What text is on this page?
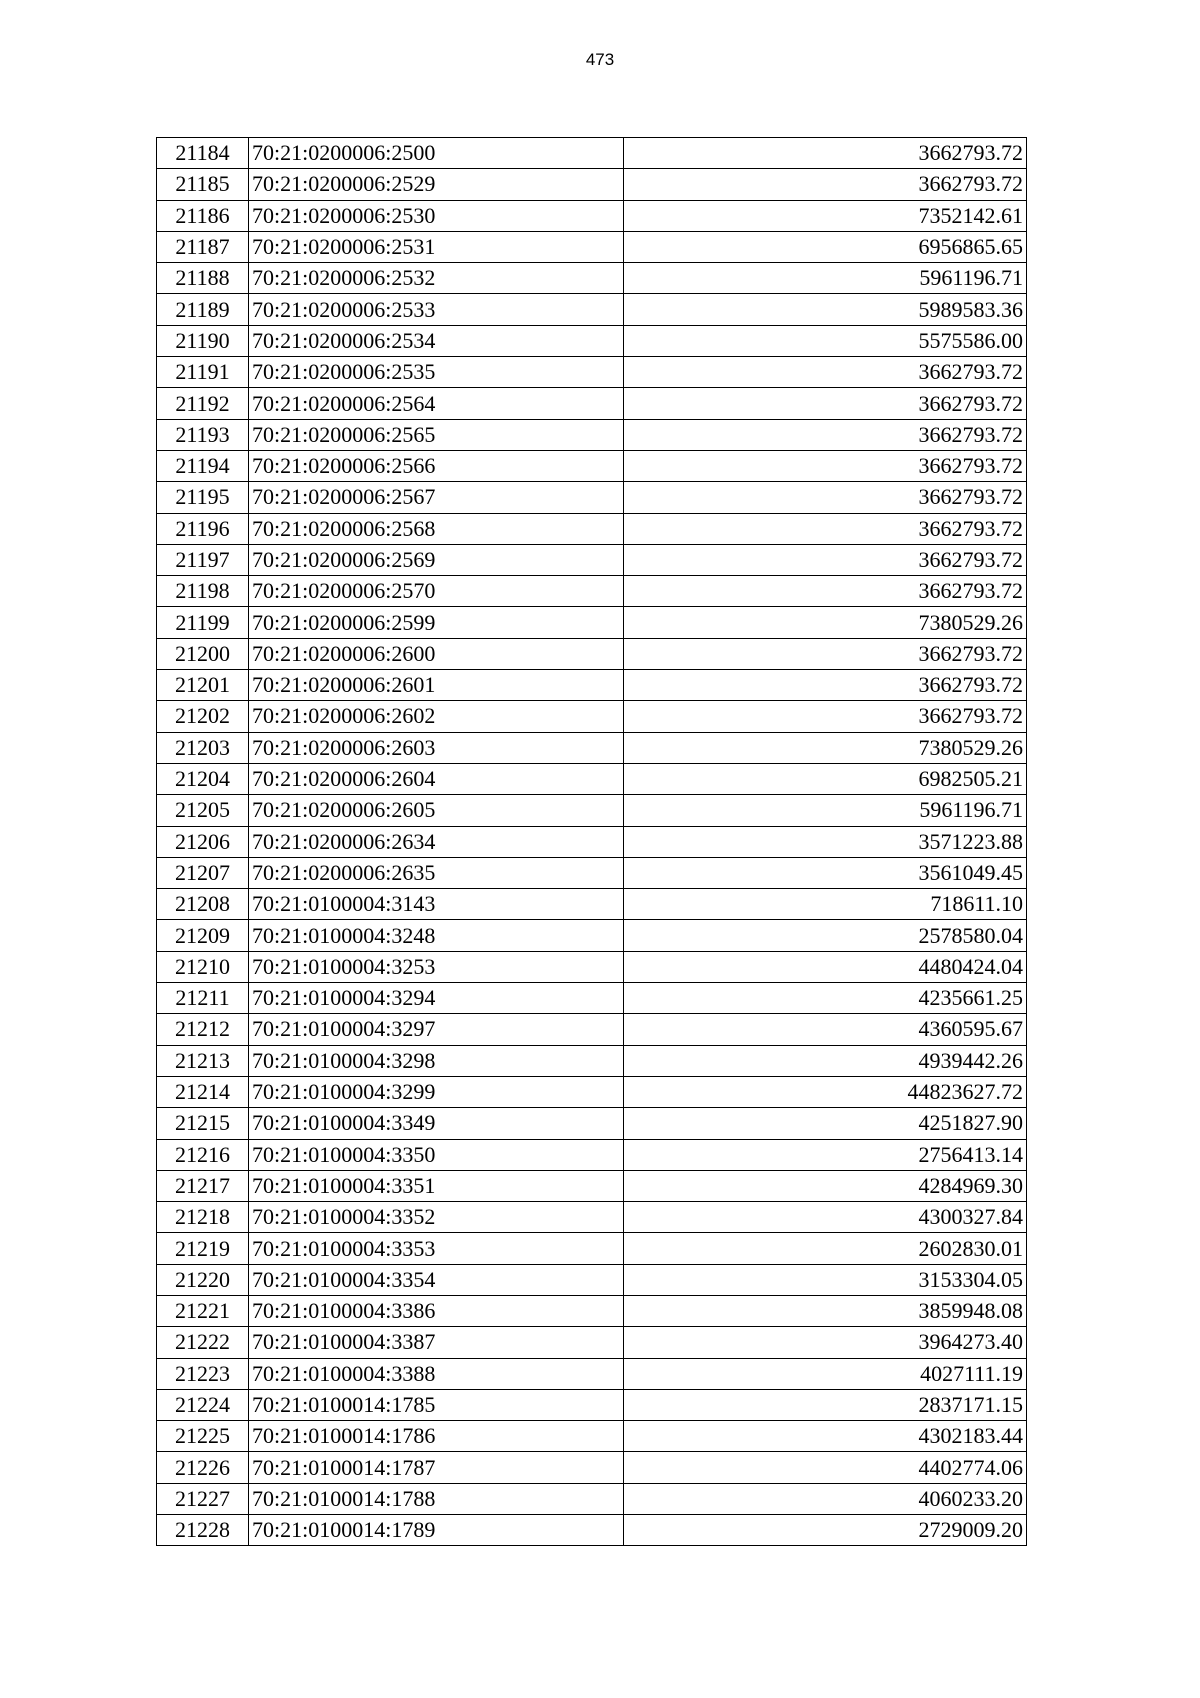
473
21184	70:21:0200006:2500	3662793.72
21185	70:21:0200006:2529	3662793.72
21186	70:21:0200006:2530	7352142.61
21187	70:21:0200006:2531	6956865.65
21188	70:21:0200006:2532	5961196.71
21189	70:21:0200006:2533	5989583.36
21190	70:21:0200006:2534	5575586.00
21191	70:21:0200006:2535	3662793.72
21192	70:21:0200006:2564	3662793.72
21193	70:21:0200006:2565	3662793.72
21194	70:21:0200006:2566	3662793.72
21195	70:21:0200006:2567	3662793.72
21196	70:21:0200006:2568	3662793.72
21197	70:21:0200006:2569	3662793.72
21198	70:21:0200006:2570	3662793.72
21199	70:21:0200006:2599	7380529.26
21200	70:21:0200006:2600	3662793.72
21201	70:21:0200006:2601	3662793.72
21202	70:21:0200006:2602	3662793.72
21203	70:21:0200006:2603	7380529.26
21204	70:21:0200006:2604	6982505.21
21205	70:21:0200006:2605	5961196.71
21206	70:21:0200006:2634	3571223.88
21207	70:21:0200006:2635	3561049.45
21208	70:21:0100004:3143	718611.10
21209	70:21:0100004:3248	2578580.04
21210	70:21:0100004:3253	4480424.04
21211	70:21:0100004:3294	4235661.25
21212	70:21:0100004:3297	4360595.67
21213	70:21:0100004:3298	4939442.26
21214	70:21:0100004:3299	44823627.72
21215	70:21:0100004:3349	4251827.90
21216	70:21:0100004:3350	2756413.14
21217	70:21:0100004:3351	4284969.30
21218	70:21:0100004:3352	4300327.84
21219	70:21:0100004:3353	2602830.01
21220	70:21:0100004:3354	3153304.05
21221	70:21:0100004:3386	3859948.08
21222	70:21:0100004:3387	3964273.40
21223	70:21:0100004:3388	4027111.19
21224	70:21:0100014:1785	2837171.15
21225	70:21:0100014:1786	4302183.44
21226	70:21:0100014:1787	4402774.06
21227	70:21:0100014:1788	4060233.20
21228	70:21:0100014:1789	2729009.20
